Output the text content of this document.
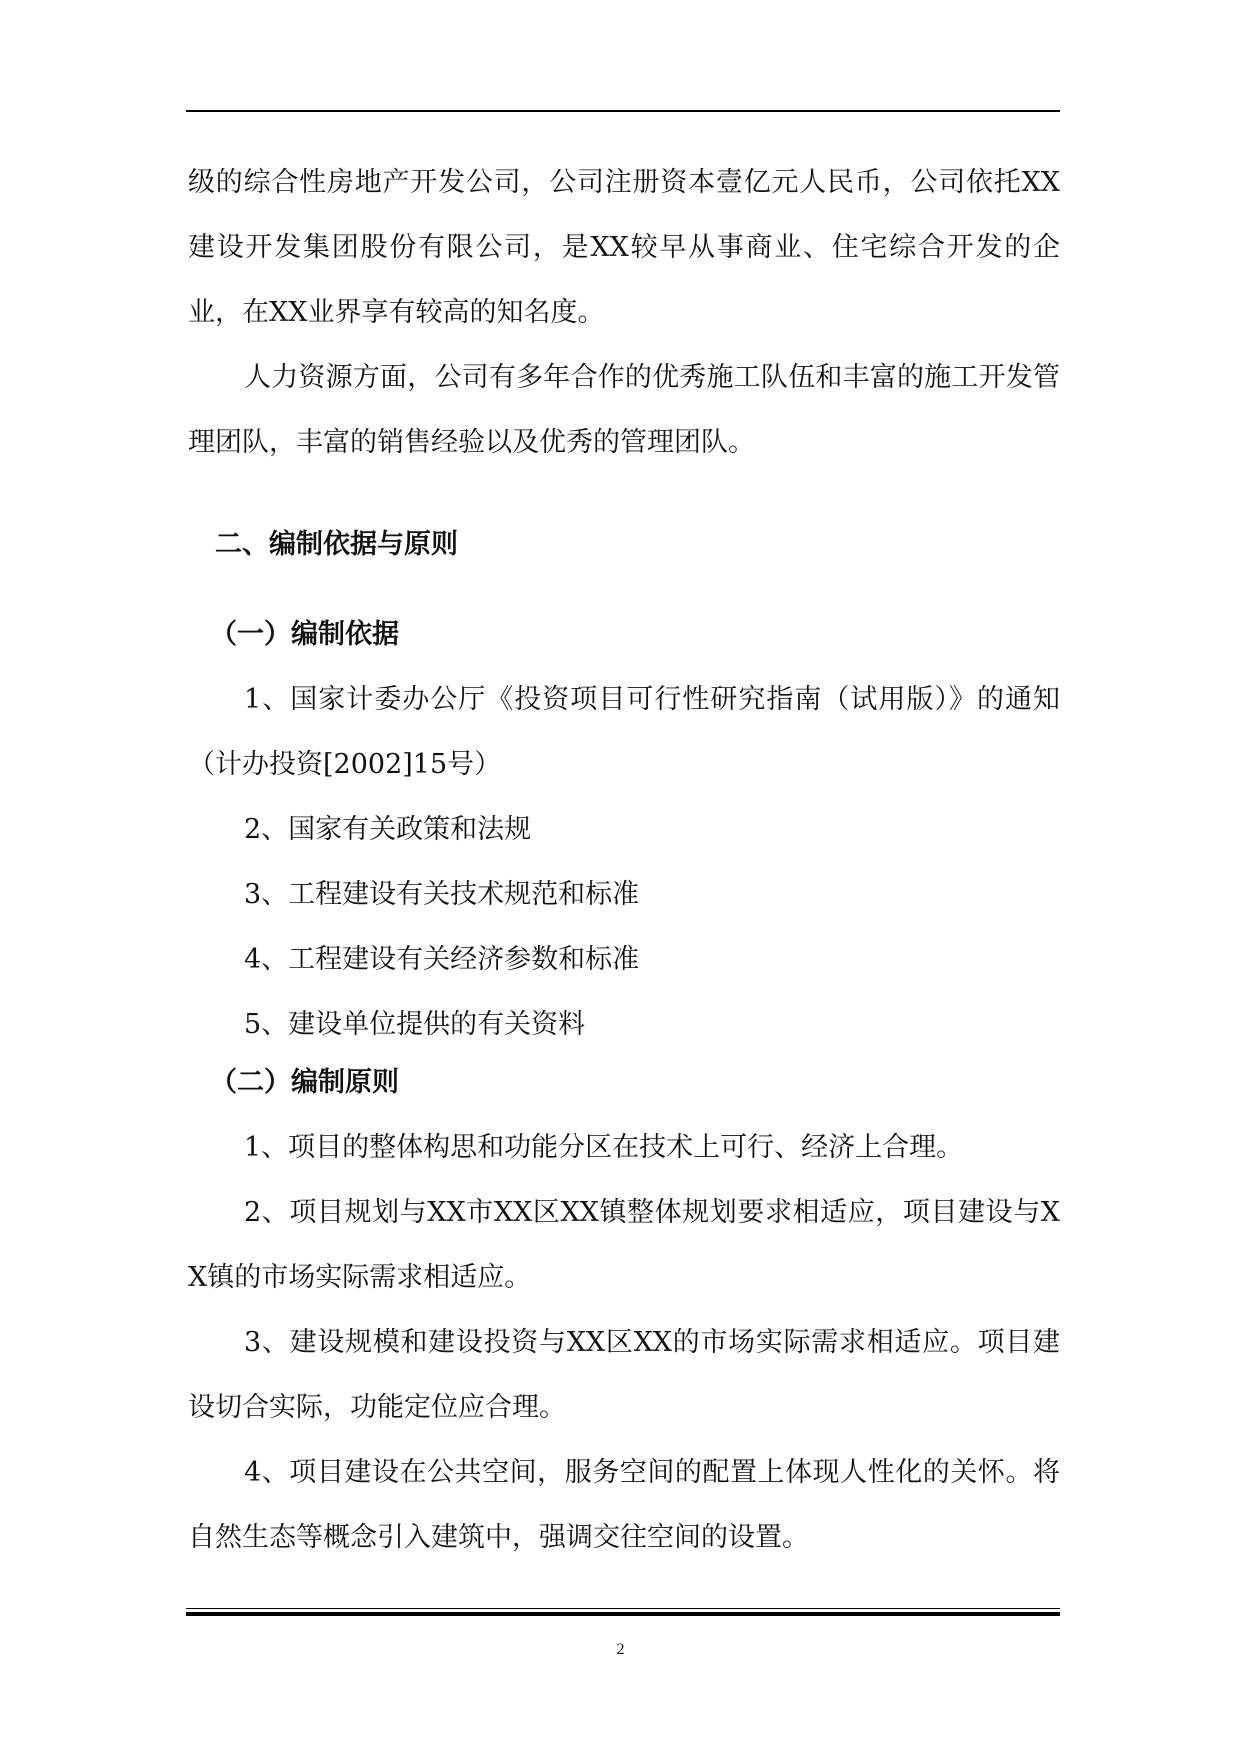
级的综合性房地产开发公司，公司注册资本壹亿元人民币，公司依托XX建设开发集团股份有限公司，是XX较早从事商业、住宅综合开发的企业，在XX业界享有较高的知名度。

人力资源方面，公司有多年合作的优秀施工队伍和丰富的施工开发管理团队，丰富的销售经验以及优秀的管理团队。

二、编制依据与原则

（一）编制依据

1、国家计委办公厅《投资项目可行性研究指南（试用版）》的通知（计办投资[2002]15号）

2、国家有关政策和法规

3、工程建设有关技术规范和标准

4、工程建设有关经济参数和标准

5、建设单位提供的有关资料

（二）编制原则

1、项目的整体构思和功能分区在技术上可行、经济上合理。

2、项目规划与XX市XX区XX镇整体规划要求相适应，项目建设与XX镇的市场实际需求相适应。

3、建设规模和建设投资与XX区XX的市场实际需求相适应。项目建设切合实际，功能定位应合理。

4、项目建设在公共空间，服务空间的配置上体现人性化的关怀。将自然生态等概念引入建筑中，强调交往空间的设置。

2
